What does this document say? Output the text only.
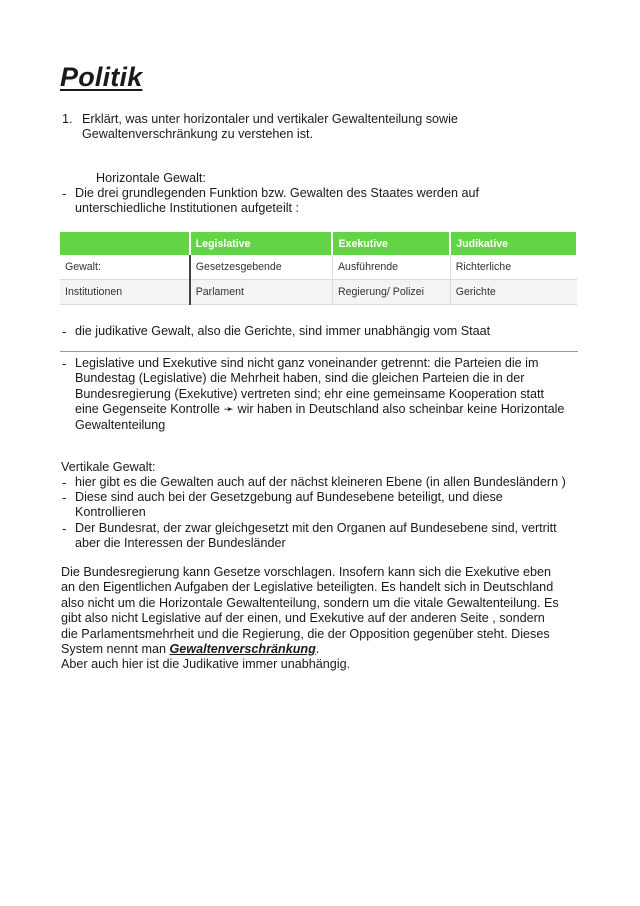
Politik
1. Erklärt, was unter horizontaler und vertikaler Gewaltenteilung sowie
Gewaltenverschränkung zu verstehen ist.
Horizontale Gewalt:
- Die drei grundlegenden Funktion bzw. Gewalten des Staates werden auf
unterschiedliche Institutionen aufgeteilt :
	Legislative	Exekutive	Judikative
Gewalt:	Gesetzesgebende	Ausführende	Richterliche
Institutionen	Parlament	Regierung/ Polizei	Gerichte
- die judikative Gewalt, also die Gerichte, sind immer unabhängig vom Staat
- Legislative und Exekutive sind nicht ganz voneinander getrennt: die Parteien die im
Bundestag (Legislative) die Mehrheit haben, sind die gleichen Parteien die in der
Bundesregierung (Exekutive) vertreten sind; ehr eine gemeinsame Kooperation statt
eine Gegenseite Kontrolle ➛ wir haben in Deutschland also scheinbar keine Horizontale
Gewaltenteilung
Vertikale Gewalt:
- hier gibt es die Gewalten auch auf der nächst kleineren Ebene (in allen Bundesländern )
- Diese sind auch bei der Gesetzgebung auf Bundesebene beteiligt, und diese
Kontrollieren
- Der Bundesrat, der zwar gleichgesetzt mit den Organen auf Bundesebene sind, vertritt
aber die Interessen der Bundesländer
Die Bundesregierung kann Gesetze vorschlagen. Insofern kann sich die Exekutive eben
an den Eigentlichen Aufgaben der Legislative beteiligten. Es handelt sich in Deutschland
also nicht um die Horizontale Gewaltenteilung, sondern um die vitale Gewaltenteilung. Es
gibt also nicht Legislative auf der einen, und Exekutive auf der anderen Seite , sondern
die Parlamentsmehrheit und die Regierung, die der Opposition gegenüber steht. Dieses
System nennt man Gewaltenverschränkung.
Aber auch hier ist die Judikative immer unabhängig.
